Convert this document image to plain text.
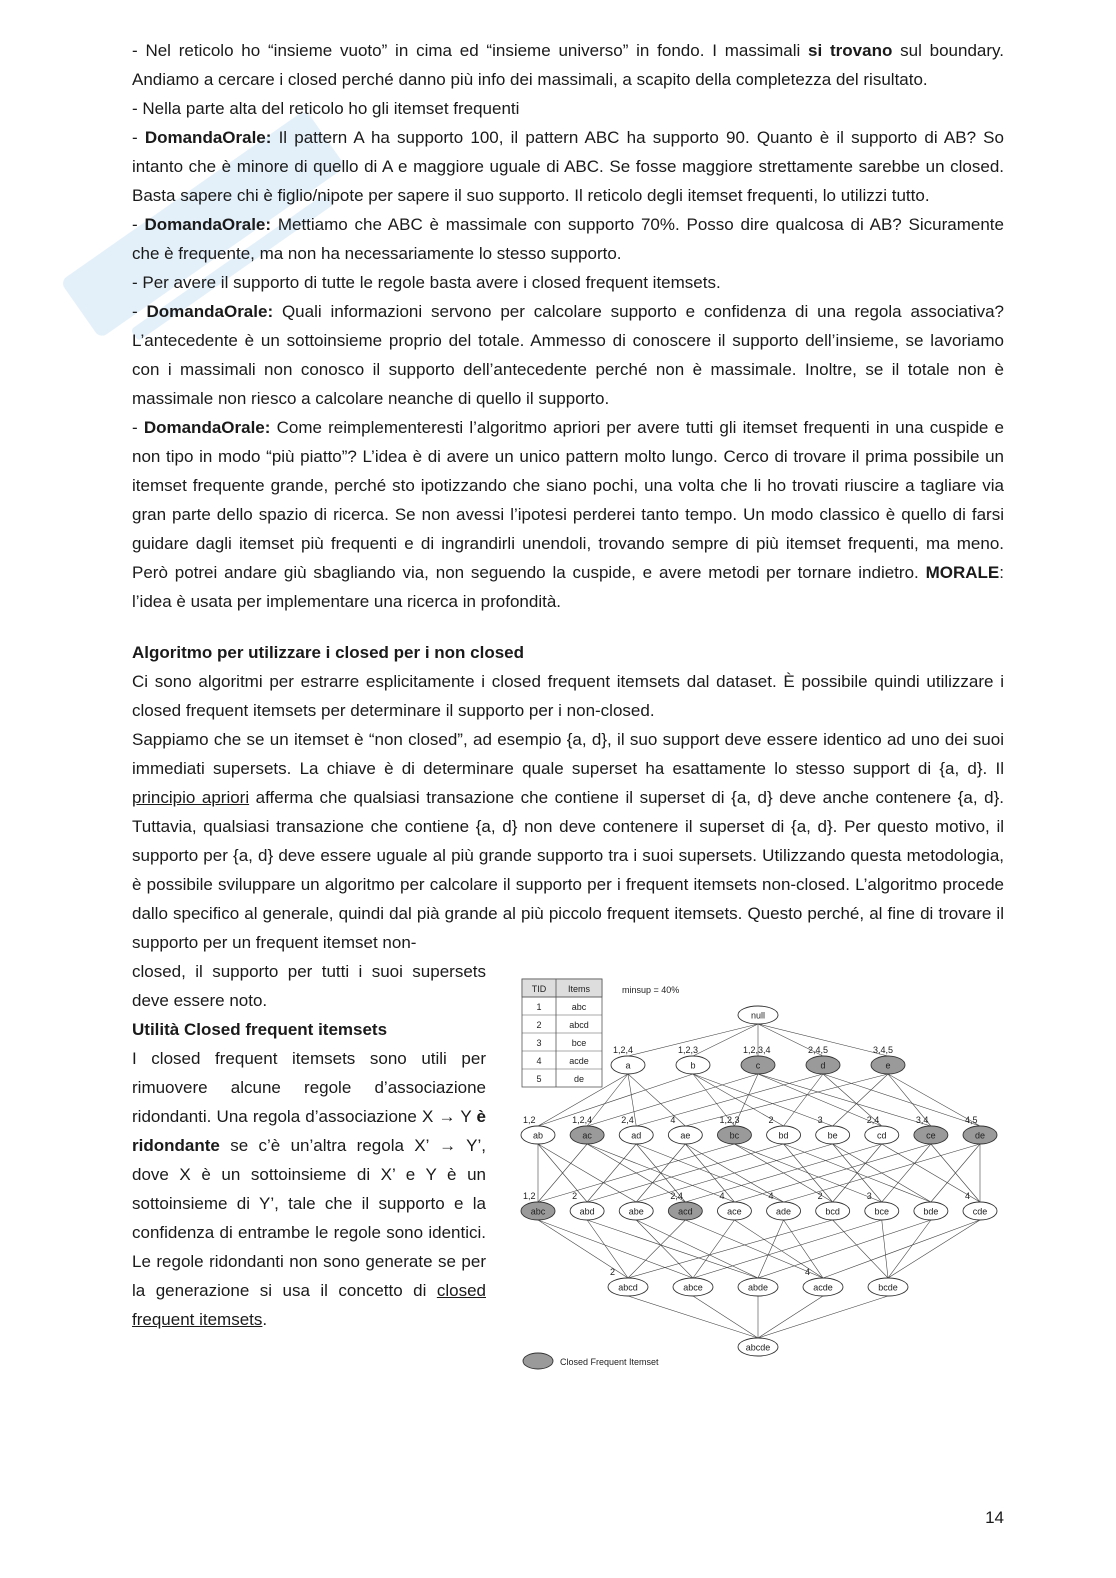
- Nel reticolo ho “insieme vuoto” in cima ed “insieme universo” in fondo. I massimali si trovano sul boundary. Andiamo a cercare i closed perché danno più info dei massimali, a scapito della completezza del risultato.

- Nella parte alta del reticolo ho gli itemset frequenti

- DomandaOrale: Il pattern A ha supporto 100, il pattern ABC ha supporto 90. Quanto è il supporto di AB? So intanto che è minore di quello di A e maggiore uguale di ABC. Se fosse maggiore strettamente sarebbe un closed. Basta sapere chi è figlio/nipote per sapere il suo supporto. Il reticolo degli itemset frequenti, lo utilizzi tutto.

- DomandaOrale: Mettiamo che ABC è massimale con supporto 70%. Posso dire qualcosa di AB? Sicuramente che è frequente, ma non ha necessariamente lo stesso supporto.

- Per avere il supporto di tutte le regole basta avere i closed frequent itemsets.

- DomandaOrale: Quali informazioni servono per calcolare supporto e confidenza di una regola associativa? L’antecedente è un sottoinsieme proprio del totale. Ammesso di conoscere il supporto dell’insieme, se lavoriamo con i massimali non conosco il supporto dell’antecedente perché non è massimale. Inoltre, se il totale non è massimale non riesco a calcolare neanche di quello il supporto.

- DomandaOrale: Come reimplementeresti l’algoritmo apriori per avere tutti gli itemset frequenti in una cuspide e non tipo in modo “più piatto”? L’idea è di avere un unico pattern molto lungo. Cerco di trovare il prima possibile un itemset frequente grande, perché sto ipotizzando che siano pochi, una volta che li ho trovati riuscire a tagliare via gran parte dello spazio di ricerca. Se non avessi l’ipotesi perderei tanto tempo. Un modo classico è quello di farsi guidare dagli itemset più frequenti e di ingrandirli unendoli, trovando sempre di più itemset frequenti, ma meno. Però potrei andare giù sbagliando via, non seguendo la cuspide, e avere metodi per tornare indietro. MORALE: l’idea è usata per implementare una ricerca in profondità.

Algoritmo per utilizzare i closed per i non closed

Ci sono algoritmi per estrarre esplicitamente i closed frequent itemsets dal dataset. È possibile quindi utilizzare i closed frequent itemsets per determinare il supporto per i non-closed.

Sappiamo che se un itemset è “non closed”, ad esempio {a, d}, il suo support deve essere identico ad uno dei suoi immediati supersets. La chiave è di determinare quale superset ha esattamente lo stesso support di {a, d}. Il principio apriori afferma che qualsiasi transazione che contiene il superset di {a, d} deve anche contenere {a, d}. Tuttavia, qualsiasi transazione che contiene {a, d} non deve contenere il superset di {a, d}. Per questo motivo, il supporto per {a, d} deve essere uguale al più grande supporto tra i suoi supersets. Utilizzando questa metodologia, è possibile sviluppare un algoritmo per calcolare il supporto per i frequent itemsets non-closed. L’algoritmo procede dallo specifico al generale, quindi dal pià grande al più piccolo frequent itemsets. Questo perché, al fine di trovare il supporto per un frequent itemset non-

closed, il supporto per tutti i suoi supersets deve essere noto.

Utilità Closed frequent itemsets

I closed frequent itemsets sono utili per rimuovere alcune regole d’associazione ridondanti. Una regola d’associazione X → Y è ridondante se c’è un’altra regola X’ → Y’, dove X è un sottoinsieme di X’ e Y è un sottoinsieme di Y’, tale che il supporto e la confidenza di entrambe le regole sono identici. Le regole ridondanti non sono generate se per la generazione si usa il concetto di closed frequent itemsets.

TID Items
1	abc
2	abcd
3	bce
4	acde
5	de
minsup = 40%
null
a
1,2,4
b
1,2,3
c
1,2,3,4
d
2,4,5
e
3,4,5
ab
1,2
ac
1,2,4
ad
2,4
ae
4
bc
1,2,3
bd
2
be
3
cd
2,4
ce
3,4
de
4,5
abc
1,2
abd
2
abe	acd
2,4
ace
4
ade
4
bcd
2
bce
3
bde	cde
4
abcd
2
abce	abde	acde
4
bcde
abcde
Closed Frequent Itemset
14
